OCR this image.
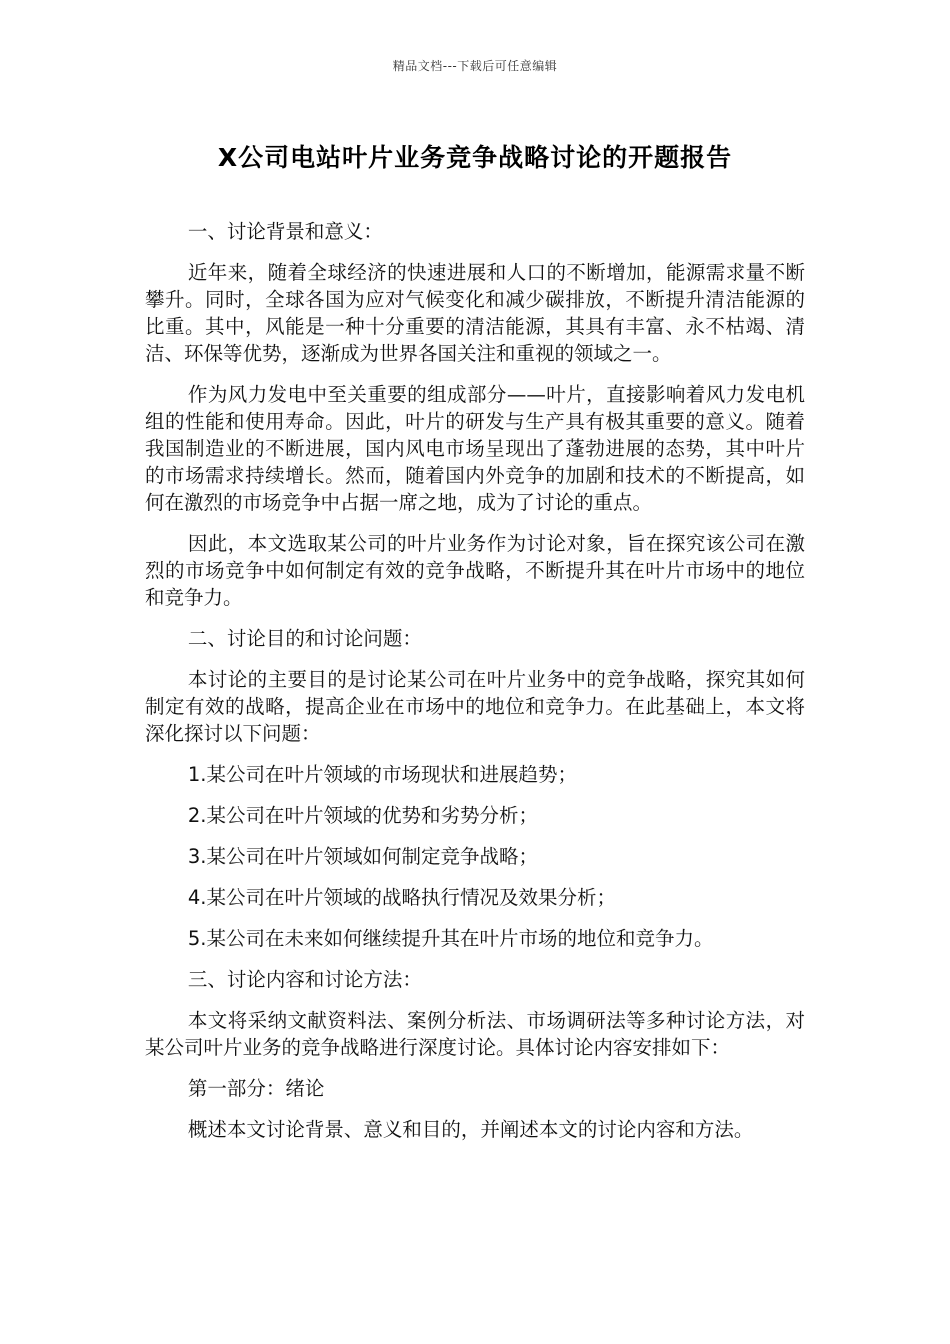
精品文档---下载后可任意编辑
X公司电站叶片业务竞争战略讨论的开题报告

一、讨论背景和意义：

近年来，随着全球经济的快速进展和人口的不断增加，能源需求量不断攀升。同时，全球各国为应对气候变化和减少碳排放，不断提升清洁能源的比重。其中，风能是一种十分重要的清洁能源，其具有丰富、永不枯竭、清洁、环保等优势，逐渐成为世界各国关注和重视的领域之一。

作为风力发电中至关重要的组成部分——叶片，直接影响着风力发电机组的性能和使用寿命。因此，叶片的研发与生产具有极其重要的意义。随着我国制造业的不断进展，国内风电市场呈现出了蓬勃进展的态势，其中叶片的市场需求持续增长。然而，随着国内外竞争的加剧和技术的不断提高，如何在激烈的市场竞争中占据一席之地，成为了讨论的重点。

因此，本文选取某公司的叶片业务作为讨论对象，旨在探究该公司在激烈的市场竞争中如何制定有效的竞争战略，不断提升其在叶片市场中的地位和竞争力。

二、讨论目的和讨论问题：

本讨论的主要目的是讨论某公司在叶片业务中的竞争战略，探究其如何制定有效的战略，提高企业在市场中的地位和竞争力。在此基础上，本文将深化探讨以下问题：

1.某公司在叶片领域的市场现状和进展趋势；

2.某公司在叶片领域的优势和劣势分析；

3.某公司在叶片领域如何制定竞争战略；

4.某公司在叶片领域的战略执行情况及效果分析；

5.某公司在未来如何继续提升其在叶片市场的地位和竞争力。

三、讨论内容和讨论方法：

本文将采纳文献资料法、案例分析法、市场调研法等多种讨论方法，对某公司叶片业务的竞争战略进行深度讨论。具体讨论内容安排如下：

第一部分：绪论

概述本文讨论背景、意义和目的，并阐述本文的讨论内容和方法。
